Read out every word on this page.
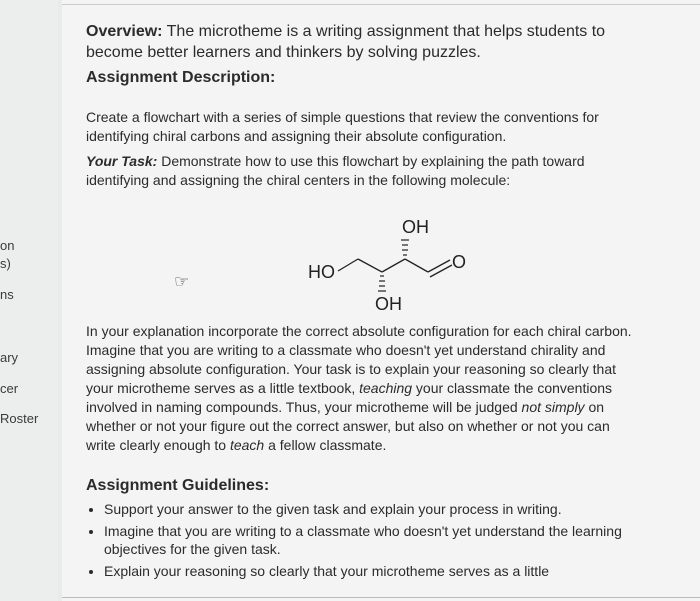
on
s)
ns
ary
cer
Roster
Overview: The microtheme is a writing assignment that helps students to become better learners and thinkers by solving puzzles.
Assignment Description:
Create a flowchart with a series of simple questions that review the conventions for identifying chiral carbons and assigning their absolute configuration.
Your Task: Demonstrate how to use this flowchart by explaining the path toward identifying and assigning the chiral centers in the following molecule:
OH
HO	O
OH
☞
In your explanation incorporate the correct absolute configuration for each chiral carbon. Imagine that you are writing to a classmate who doesn't yet understand chirality and assigning absolute configuration. Your task is to explain your reasoning so clearly that your microtheme serves as a little textbook, teaching your classmate the conventions involved in naming compounds. Thus, your microtheme will be judged not simply on whether or not your figure out the correct answer, but also on whether or not you can write clearly enough to teach a fellow classmate.
Assignment Guidelines:
• Support your answer to the given task and explain your process in writing.
• Imagine that you are writing to a classmate who doesn't yet understand the learning objectives for the given task.
• Explain your reasoning so clearly that your microtheme serves as a little
